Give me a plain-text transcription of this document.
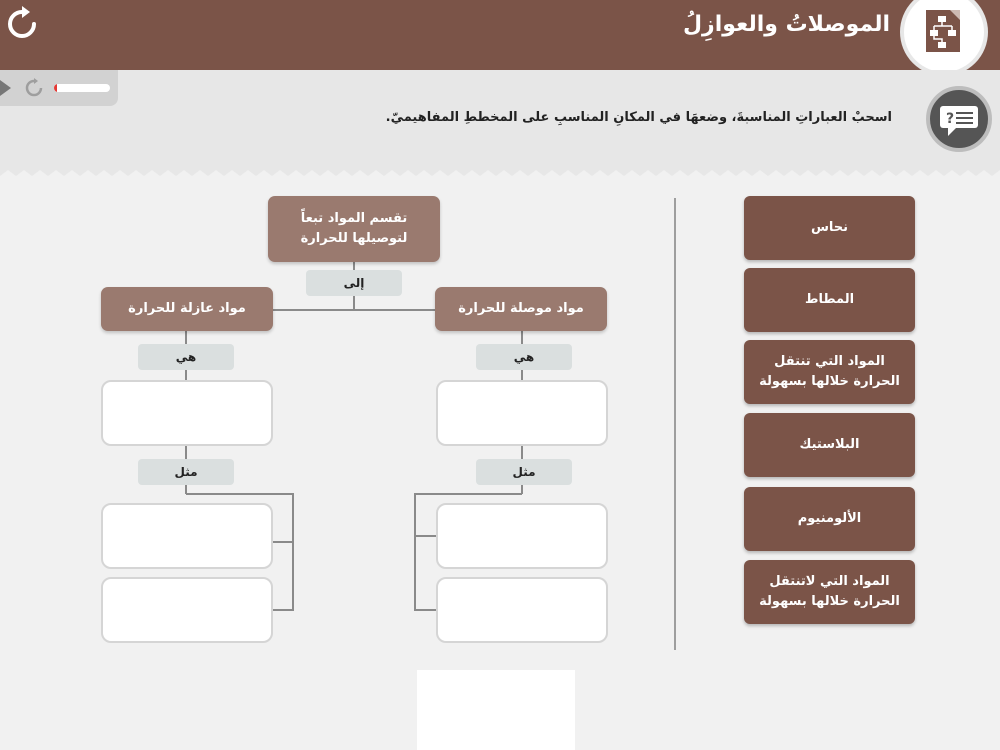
الموصلاتُ والعوازِلُ
?
اسحبْ العباراتِ المناسبةَ، وضعهَا في المكانِ المناسبِ على المخططِ المفاهيميّ.
نحاس
المطاط
المواد التي تنتقل الحرارة خلالها بسهولة
البلاستيك
الألومنيوم
المواد التي لاتنتقل الحرارة خلالها بسهولة
تقسم المواد تبعاً لتوصيلها للحرارة
إلى
مواد موصلة للحرارة
مواد عازلة للحرارة
هي
هي
مثل
مثل
